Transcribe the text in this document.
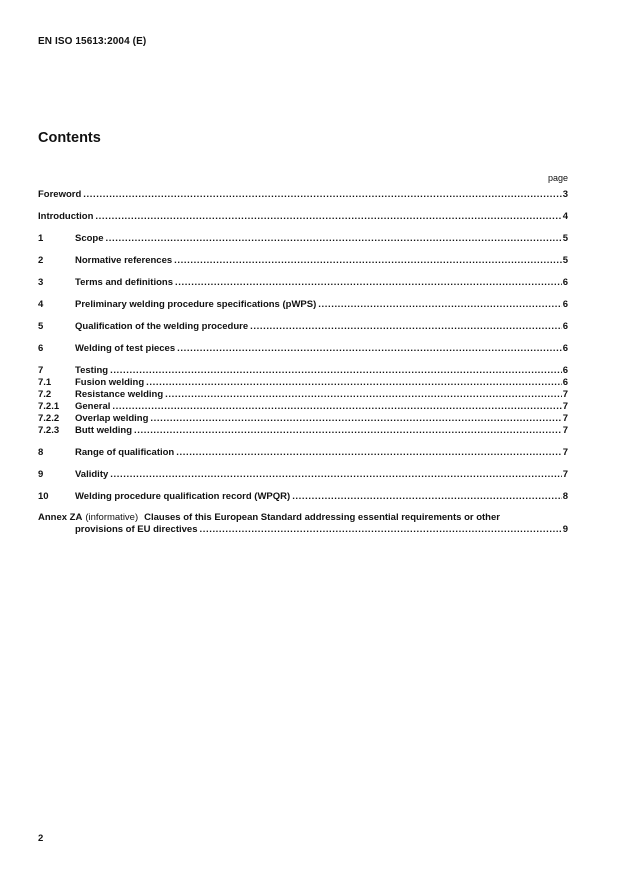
EN ISO 15613:2004 (E)
Contents
page
Foreword .....	3
Introduction .....	4
1	Scope .....	5
2	Normative references .....	5
3	Terms and definitions .....	6
4	Preliminary welding procedure specifications (pWPS) .....	6
5	Qualification of the welding procedure .....	6
6	Welding of test pieces .....	6
7	Testing .....	6
7.1	Fusion welding .....	6
7.2	Resistance welding .....	7
7.2.1	General .....	7
7.2.2	Overlap welding .....	7
7.2.3	Butt welding .....	7
8	Range of qualification .....	7
9	Validity .....	7
10	Welding procedure qualification record (WPQR) .....	8
Annex ZA (informative) Clauses of this European Standard addressing essential requirements or other
provisions of EU directives .....	9
2
